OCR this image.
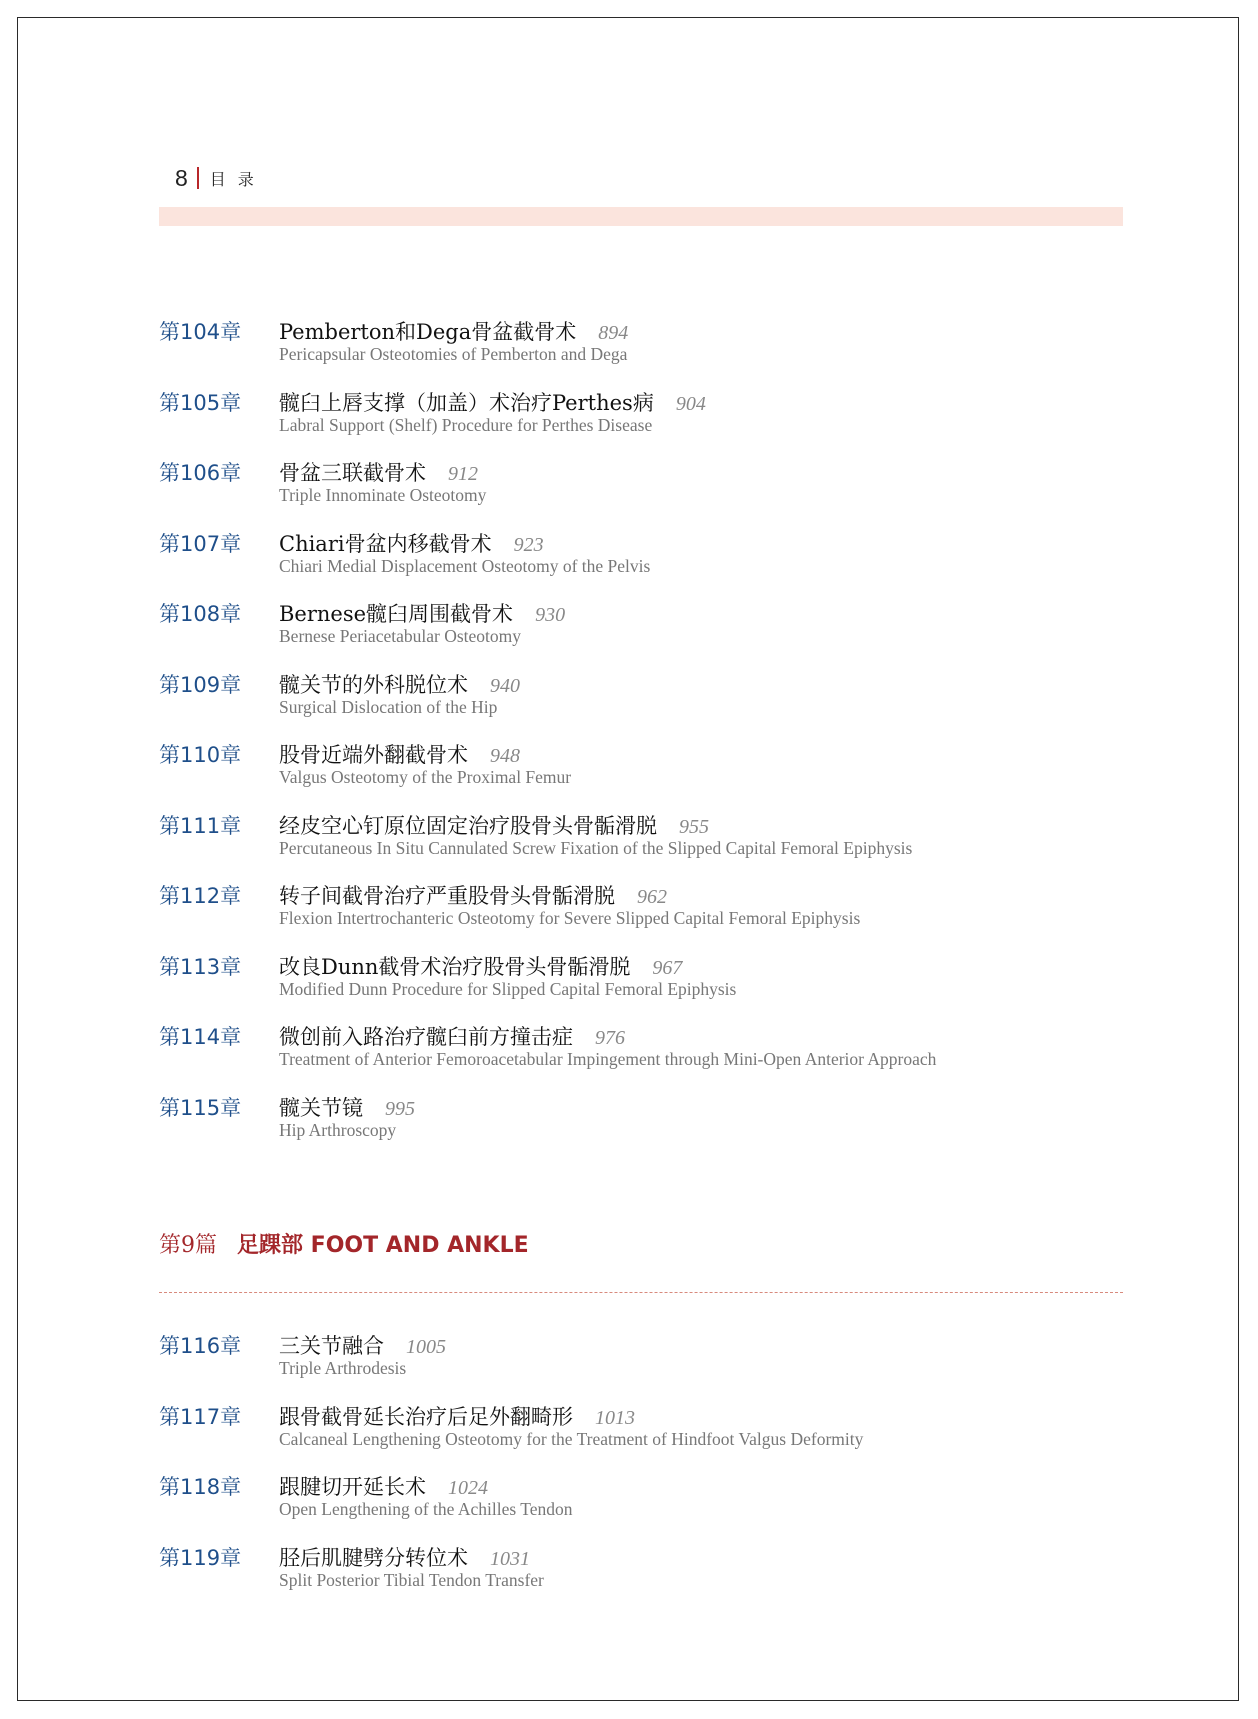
8 目录
第104章 Pemberton和Dega骨盆截骨术 894
Pericapsular Osteotomies of Pemberton and Dega
第105章 髋臼上唇支撑（加盖）术治疗Perthes病 904
Labral Support (Shelf) Procedure for Perthes Disease
第106章 骨盆三联截骨术 912
Triple Innominate Osteotomy
第107章 Chiari骨盆内移截骨术 923
Chiari Medial Displacement Osteotomy of the Pelvis
第108章 Bernese髋臼周围截骨术 930
Bernese Periacetabular Osteotomy
第109章 髋关节的外科脱位术 940
Surgical Dislocation of the Hip
第110章 股骨近端外翻截骨术 948
Valgus Osteotomy of the Proximal Femur
第111章 经皮空心钉原位固定治疗股骨头骨骺滑脱 955
Percutaneous In Situ Cannulated Screw Fixation of the Slipped Capital Femoral Epiphysis
第112章 转子间截骨治疗严重股骨头骨骺滑脱 962
Flexion Intertrochanteric Osteotomy for Severe Slipped Capital Femoral Epiphysis
第113章 改良Dunn截骨术治疗股骨头骨骺滑脱 967
Modified Dunn Procedure for Slipped Capital Femoral Epiphysis
第114章 微创前入路治疗髋臼前方撞击症 976
Treatment of Anterior Femoroacetabular Impingement through Mini-Open Anterior Approach
第115章 髋关节镜 995
Hip Arthroscopy
第9篇 足踝部 FOOT AND ANKLE
第116章 三关节融合 1005
Triple Arthrodesis
第117章 跟骨截骨延长治疗后足外翻畸形 1013
Calcaneal Lengthening Osteotomy for the Treatment of Hindfoot Valgus Deformity
第118章 跟腱切开延长术 1024
Open Lengthening of the Achilles Tendon
第119章 胫后肌腱劈分转位术 1031
Split Posterior Tibial Tendon Transfer
